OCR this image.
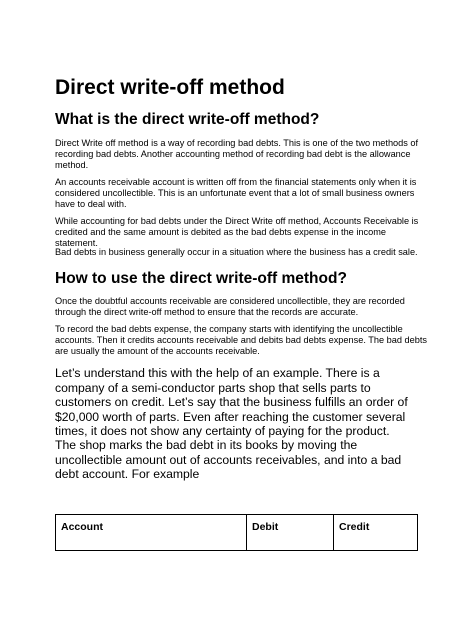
Direct write-off method
What is the direct write-off method?
Direct Write off method is a way of recording bad debts. This is one of the two methods of recording bad debts. Another accounting method of recording bad debt is the allowance method.
An accounts receivable account is written off from the financial statements only when it is considered uncollectible. This is an unfortunate event that a lot of small business owners have to deal with.
While accounting for bad debts under the Direct Write off method, Accounts Receivable is credited and the same amount is debited as the bad debts expense in the income statement.
Bad debts in business generally occur in a situation where the business has a credit sale.
How to use the direct write-off method?
Once the doubtful accounts receivable are considered uncollectible, they are recorded through the direct write-off method to ensure that the records are accurate.
To record the bad debts expense, the company starts with identifying the uncollectible accounts. Then it credits accounts receivable and debits bad debts expense. The bad debts are usually the amount of the accounts receivable.
Let’s understand this with the help of an example. There is a company of a semi-conductor parts shop that sells parts to customers on credit. Let’s say that the business fulfills an order of $20,000 worth of parts. Even after reaching the customer several times, it does not show any certainty of paying for the product.
The shop marks the bad debt in its books by moving the uncollectible amount out of accounts receivables, and into a bad debt account. For example
Account	Debit	Credit
